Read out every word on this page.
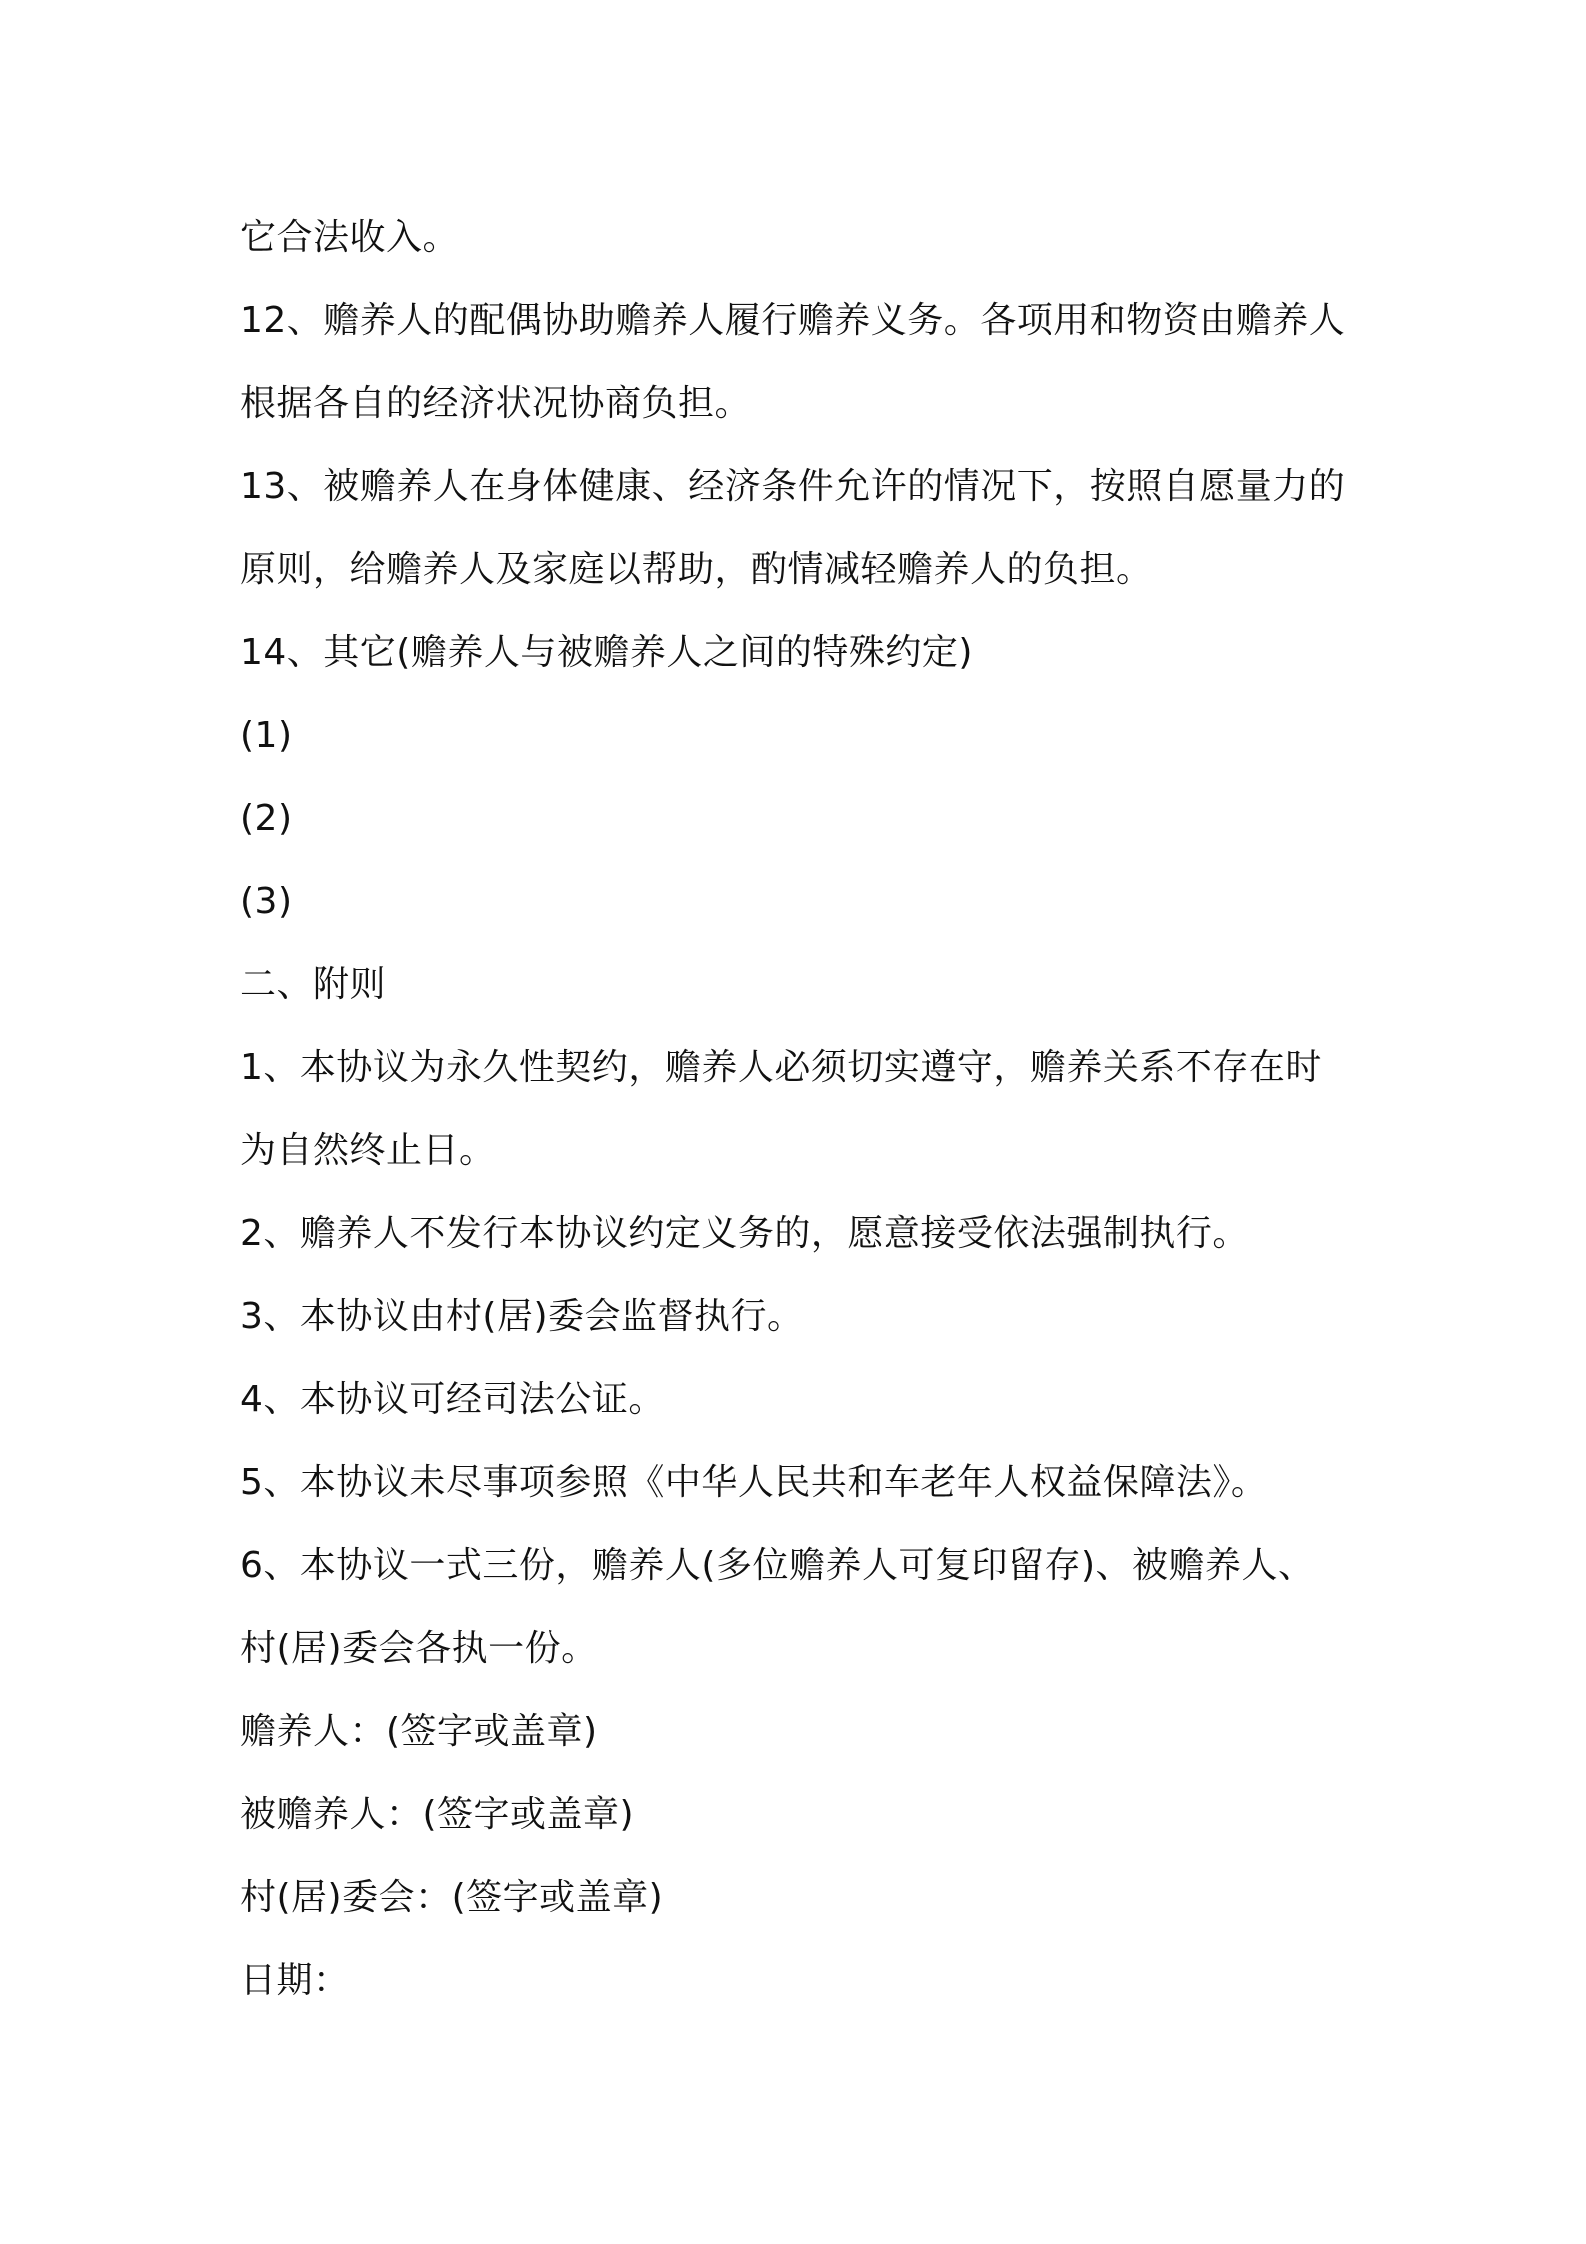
它合法收入。
12、赡养人的配偶协助赡养人履行赡养义务。各项用和物资由赡养人
根据各自的经济状况协商负担。
13、被赡养人在身体健康、经济条件允许的情况下，按照自愿量力的
原则，给赡养人及家庭以帮助，酌情减轻赡养人的负担。
14、其它(赡养人与被赡养人之间的特殊约定)
(1)
(2)
(3)
二、附则
1、本协议为永久性契约，赡养人必须切实遵守，赡养关系不存在时
为自然终止日。
2、赡养人不发行本协议约定义务的，愿意接受依法强制执行。
3、本协议由村(居)委会监督执行。
4、本协议可经司法公证。
5、本协议未尽事项参照《中华人民共和车老年人权益保障法》。
6、本协议一式三份，赡养人(多位赡养人可复印留存)、被赡养人、
村(居)委会各执一份。
赡养人：(签字或盖章)
被赡养人：(签字或盖章)
村(居)委会：(签字或盖章)
日期：
